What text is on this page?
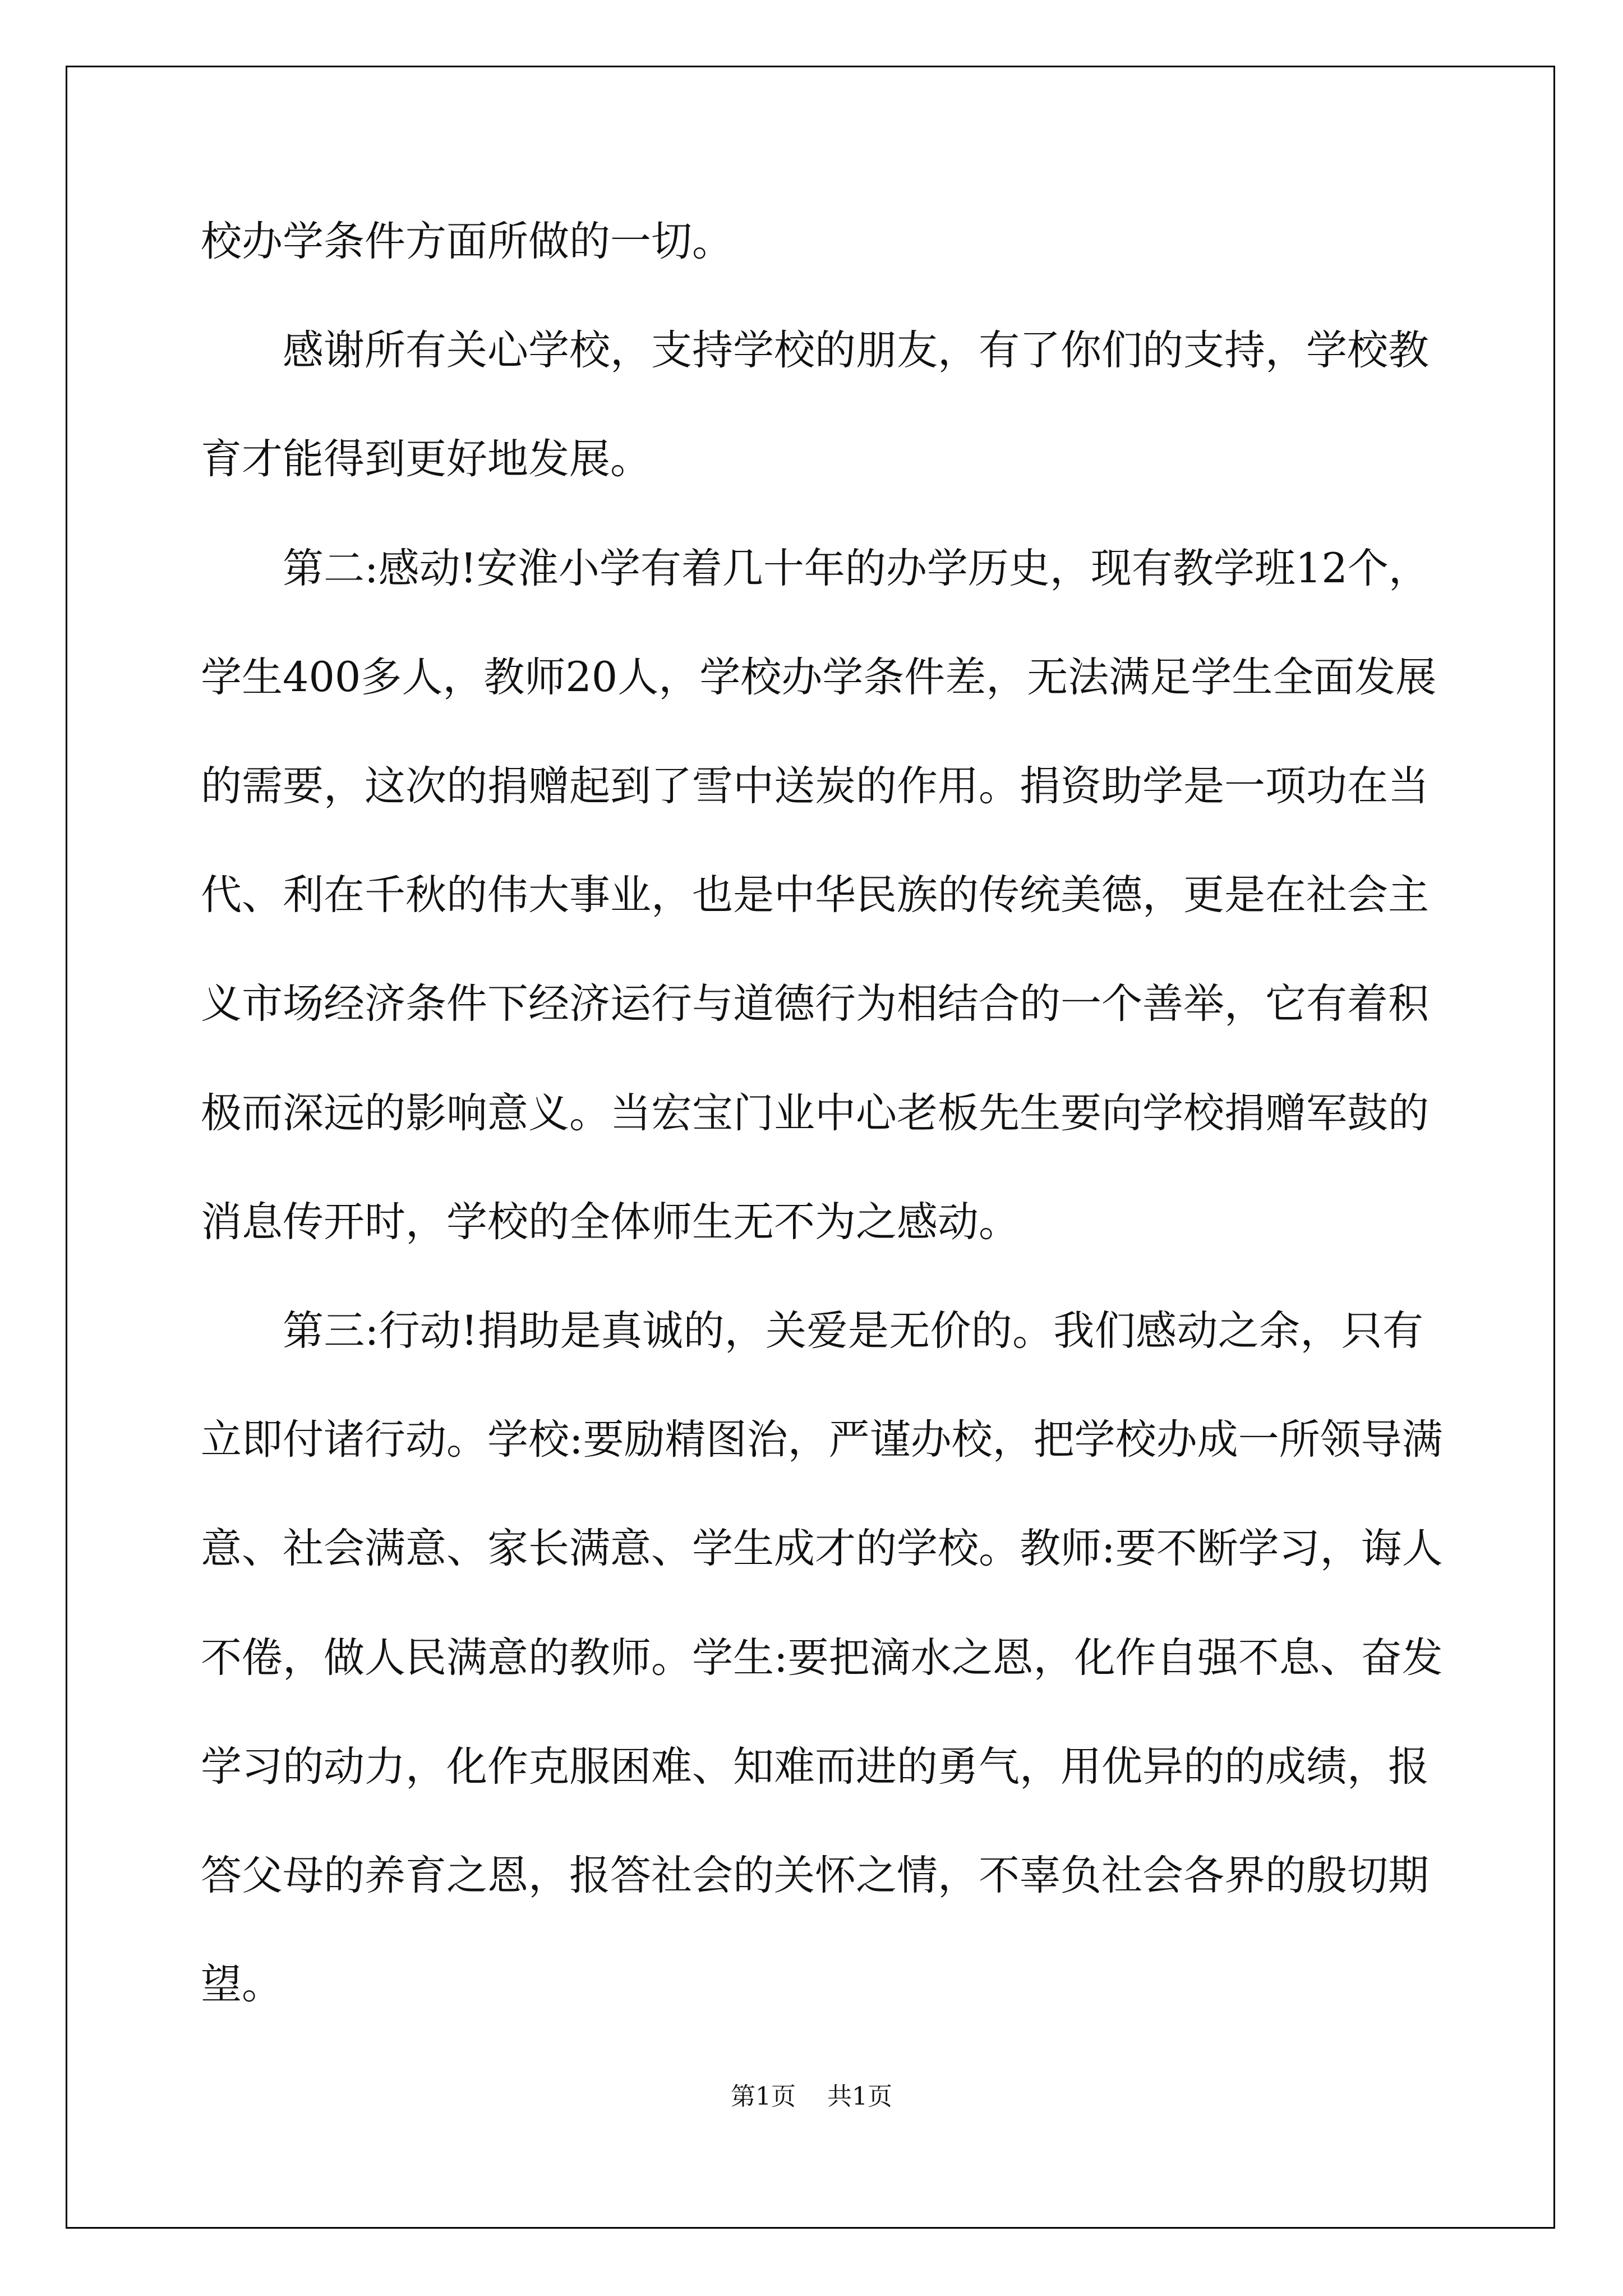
校办学条件方面所做的一切。
感谢所有关心学校，支持学校的朋友，有了你们的支持，学校教
育才能得到更好地发展。
第二:感动!安淮小学有着几十年的办学历史，现有教学班12个，
学生400多人，教师20人，学校办学条件差，无法满足学生全面发展
的需要，这次的捐赠起到了雪中送炭的作用。捐资助学是一项功在当
代、利在千秋的伟大事业，也是中华民族的传统美德，更是在社会主
义市场经济条件下经济运行与道德行为相结合的一个善举，它有着积
极而深远的影响意义。当宏宝门业中心老板先生要向学校捐赠军鼓的
消息传开时，学校的全体师生无不为之感动。
第三:行动!捐助是真诚的，关爱是无价的。我们感动之余，只有
立即付诸行动。学校:要励精图治，严谨办校，把学校办成一所领导满
意、社会满意、家长满意、学生成才的学校。教师:要不断学习，诲人
不倦，做人民满意的教师。学生:要把滴水之恩，化作自强不息、奋发
学习的动力，化作克服困难、知难而进的勇气，用优异的的成绩，报
答父母的养育之恩，报答社会的关怀之情，不辜负社会各界的殷切期
望。
第1页 共1页
